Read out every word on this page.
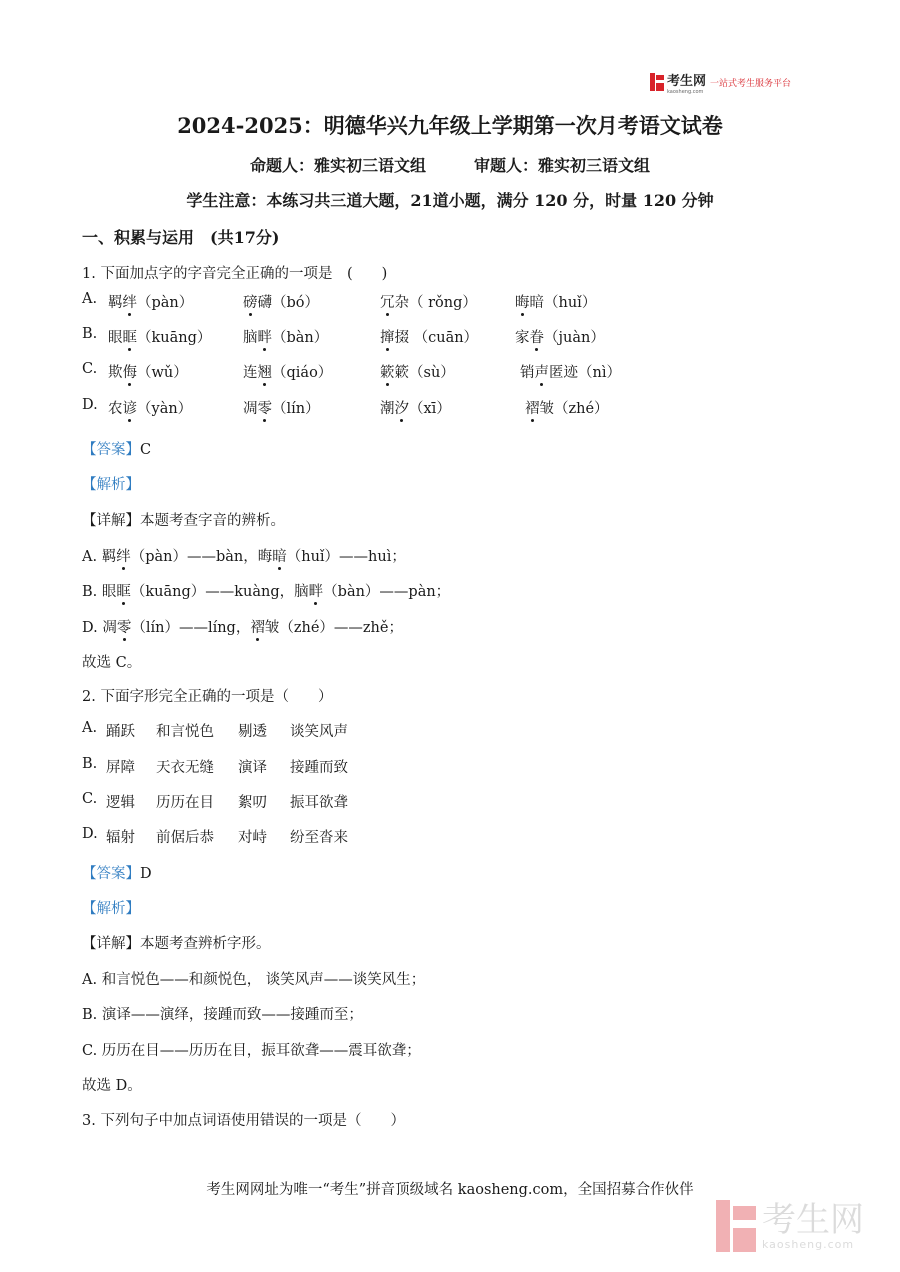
考生网
kaosheng.com
一站式考生服务平台
2024-2025：明德华兴九年级上学期第一次月考语文试卷
命题人：雅实初三语文组　　　审题人：雅实初三语文组
学生注意：本练习共三道大题，21道小题，满分 120 分，时量 120 分钟
一、积累与运用　(共17分)
1. 下面加点字的字音完全正确的一项是　(　　)
A. 羁绊（pàn）	磅礴（bó）	冗杂（ rǒng）	晦暗（huǐ）
B. 眼眶（kuāng） 脑畔（bàn）	撺掇 （cuān）	家眷（juàn）
C. 欺侮（wǔ）	连翘（qiáo）	簌簌（sù）	销声匿迹（nì）
D. 农谚（yàn）	凋零（lín）	潮汐（xī）	褶皱（zhé）
【答案】C
【解析】
【详解】本题考查字音的辨析。
A. 羁绊（pàn）——bàn，晦暗（huǐ）——huì；
B. 眼眶（kuāng）——kuàng，脑畔（bàn）——pàn；
D. 凋零（lín）——líng，褶皱（zhé）——zhě；
故选 C。
2. 下面字形完全正确的一项是（　　）
A. 踊跃 和言悦色 剔透 谈笑风声
B. 屏障 天衣无缝 演译 接踵而致
C. 逻辑 历历在目 絮叨 振耳欲聋
D. 辐射 前倨后恭 对峙 纷至沓来
【答案】D
【解析】
【详解】本题考查辨析字形。
A. 和言悦色——和颜悦色， 谈笑风声——谈笑风生；
B. 演译——演绎，接踵而致——接踵而至；
C. 历历在目——历历在目，振耳欲聋——震耳欲聋；
故选 D。
3. 下列句子中加点词语使用错误的一项是（　　）
考生网网址为唯一“考生”拼音顶级域名 kaosheng.com，全国招募合作伙伴
考生网
kaosheng.com
